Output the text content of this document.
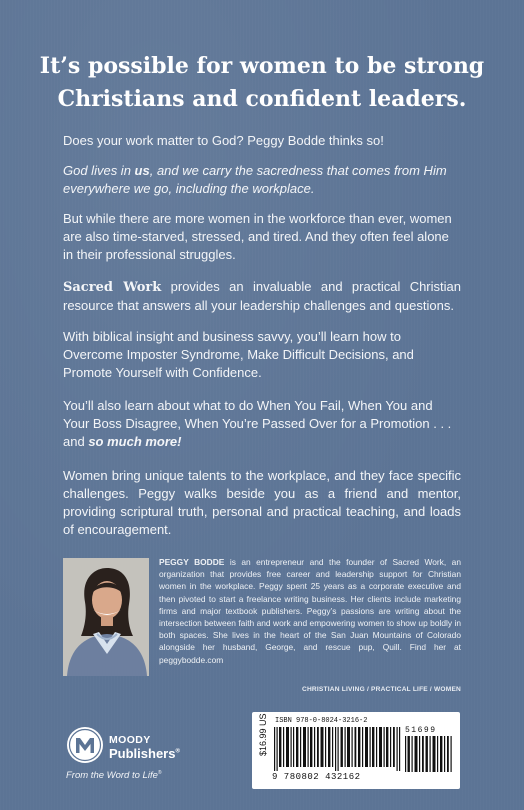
It’s possible for women to be strong
Christians and confident leaders.

Does your work matter to God? Peggy Bodde thinks so!

God lives in us, and we carry the sacredness that comes from Him everywhere we go, including the workplace.

But while there are more women in the workforce than ever, women are also time-starved, stressed, and tired. And they often feel alone in their professional struggles.

Sacred Work provides an invaluable and practical Christian resource that answers all your leadership challenges and questions.

With biblical insight and business savvy, you’ll learn how to Overcome Imposter Syndrome, Make Difficult Decisions, and Promote Yourself with Confidence.

You’ll also learn about what to do When You Fail, When You and Your Boss Disagree, When You’re Passed Over for a Promotion . . . and so much more!

Women bring unique talents to the workplace, and they face specific challenges. Peggy walks beside you as a friend and mentor, providing scriptural truth, personal and practical teaching, and loads of encouragement.

PEGGY BODDE is an entrepreneur and the founder of Sacred Work, an organization that provides free career and leadership support for Christian women in the workplace. Peggy spent 25 years as a corporate executive and then pivoted to start a freelance writing business. Her clients include marketing firms and major textbook publishers. Peggy’s passions are writing about the intersection between faith and work and empowering women to show up boldly in both spaces. She lives in the heart of the San Juan Mountains of Colorado alongside her husband, George, and rescue pup, Quill. Find her at peggybodde.com
CHRISTIAN LIVING / PRACTICAL LIFE / WOMEN
ISBN 978-0-8024-3216-2
$16.99 US	51699
9 780802 432162
MOODY
Publishers®
From the Word to Life®
